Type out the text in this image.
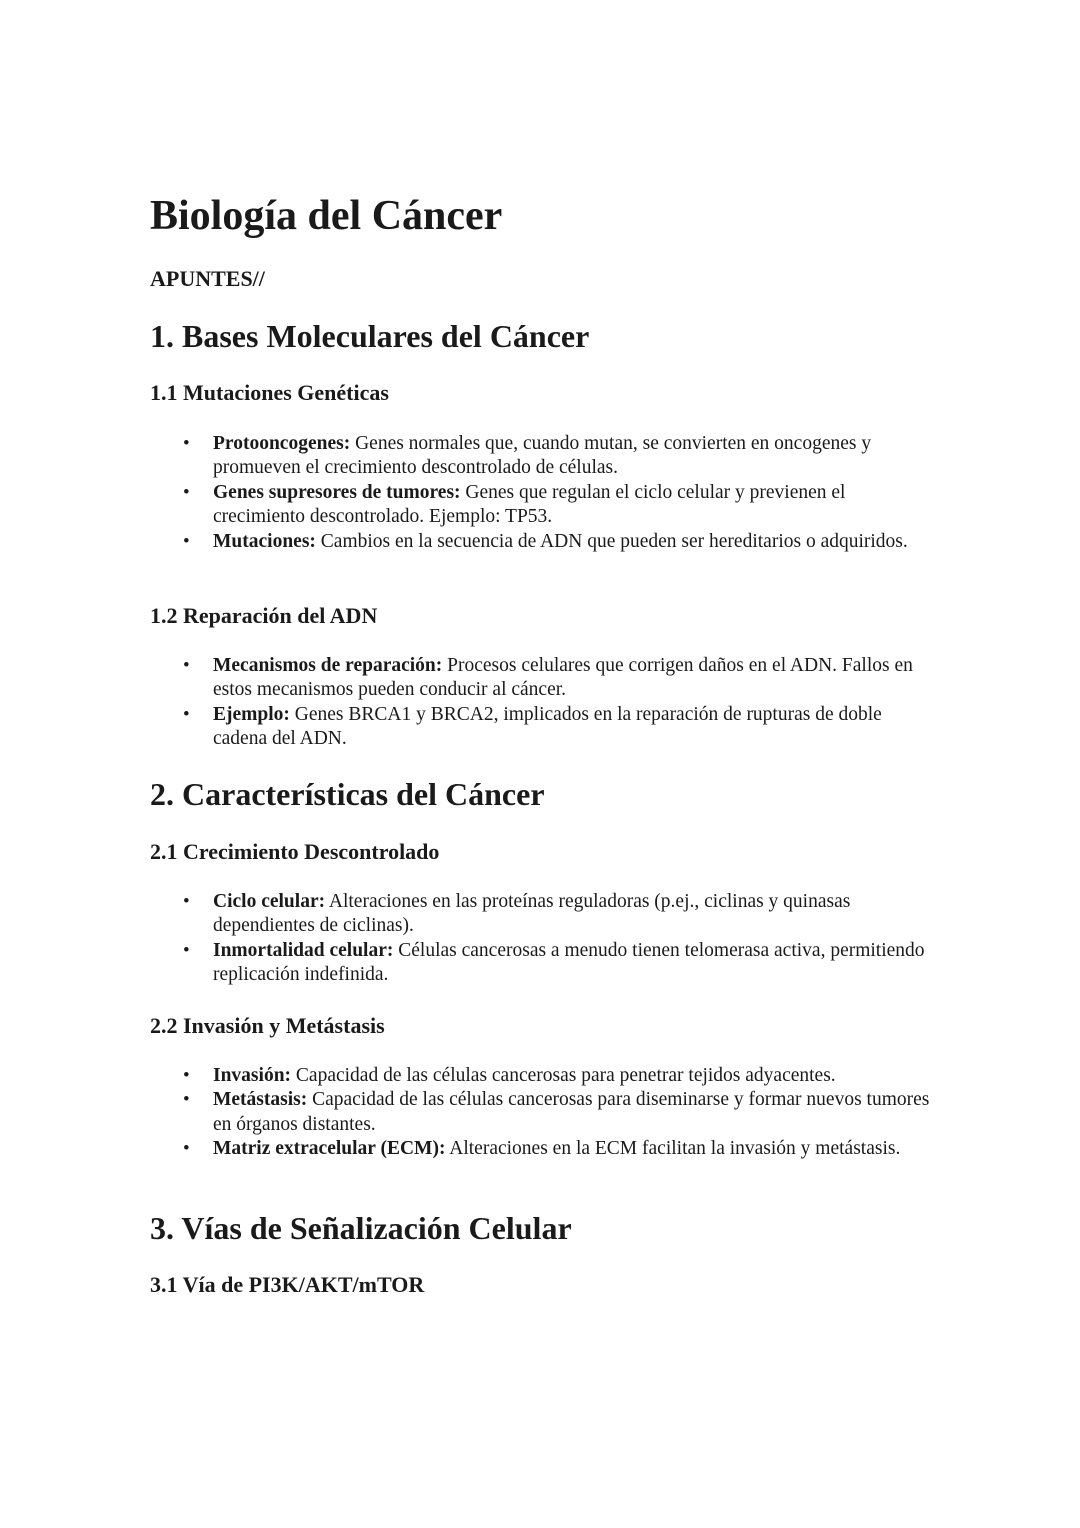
Biología del Cáncer

APUNTES//

1. Bases Moleculares del Cáncer
1.1 Mutaciones Genéticas
• Protooncogenes: Genes normales que, cuando mutan, se convierten en oncogenes y promueven el crecimiento descontrolado de células.
• Genes supresores de tumores: Genes que regulan el ciclo celular y previenen el crecimiento descontrolado. Ejemplo: TP53.
• Mutaciones: Cambios en la secuencia de ADN que pueden ser hereditarios o adquiridos.
1.2 Reparación del ADN
• Mecanismos de reparación: Procesos celulares que corrigen daños en el ADN. Fallos en estos mecanismos pueden conducir al cáncer.
• Ejemplo: Genes BRCA1 y BRCA2, implicados en la reparación de rupturas de doble cadena del ADN.
2. Características del Cáncer
2.1 Crecimiento Descontrolado
• Ciclo celular: Alteraciones en las proteínas reguladoras (p.ej., ciclinas y quinasas dependientes de ciclinas).
• Inmortalidad celular: Células cancerosas a menudo tienen telomerasa activa, permitiendo replicación indefinida.
2.2 Invasión y Metástasis
• Invasión: Capacidad de las células cancerosas para penetrar tejidos adyacentes.
• Metástasis: Capacidad de las células cancerosas para diseminarse y formar nuevos tumores en órganos distantes.
• Matriz extracelular (ECM): Alteraciones en la ECM facilitan la invasión y metástasis.
3. Vías de Señalización Celular
3.1 Vía de PI3K/AKT/mTOR
